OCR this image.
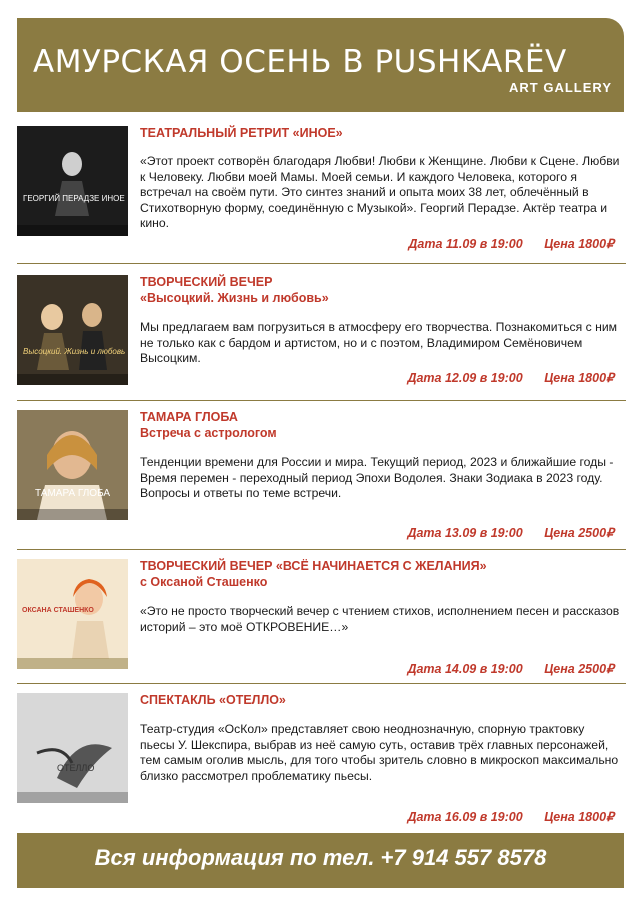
АМУРСКАЯ ОСЕНЬ В PUSHKARЁV
ART GALLERY
ГЕОРГИЙ ПЕРАДЗЕ ИНОЕ
ТЕАТРАЛЬНЫЙ РЕТРИТ «ИНОЕ»
«Этот проект сотворён благодаря Любви! Любви к Женщине. Любви к Сцене. Любви к Человеку. Любви моей Мамы. Моей семьи. И каждого Человека, которого я встречал на своём пути. Это синтез знаний и опыта моих 38 лет, облечённый в Стихотворную форму, соединённую с Музыкой». Георгий Перадзе. Актёр театра и кино.
Дата 11.09 в 19:00 Цена 1800₽
Высоцкий. Жизнь и любовь
ТВОРЧЕСКИЙ ВЕЧЕР
«Высоцкий. Жизнь и любовь»
Мы предлагаем вам погрузиться в атмосферу его творчества. Познакомиться с ним не только как с бардом и артистом, но и с поэтом, Владимиром Семёновичем Высоцким.
Дата 12.09 в 19:00 Цена 1800₽
ТАМАРА ГЛОБА
ТАМАРА ГЛОБА
Встреча с астрологом
Тенденции времени для России и мира. Текущий период, 2023 и ближайшие годы - Время перемен - переходный период Эпохи Водолея. Знаки Зодиака в 2023 году. Вопросы и ответы по теме встречи.
Дата 13.09 в 19:00 Цена 2500₽
ОКСАНА СТАШЕНКО
ТВОРЧЕСКИЙ ВЕЧЕР «ВСЁ НАЧИНАЕТСЯ С ЖЕЛАНИЯ»
с Оксаной Сташенко
«Это не просто творческий вечер с чтением стихов, исполнением песен и рассказов историй – это моё ОТКРОВЕНИЕ…»
Дата 14.09 в 19:00 Цена 2500₽
ОТЕЛЛО
СПЕКТАКЛЬ «ОТЕЛЛО»
Театр-студия «ОсКол» представляет свою неоднозначную, спорную трактовку пьесы У. Шекспира, выбрав из неё самую суть, оставив трёх главных персонажей, тем самым оголив мысль, для того чтобы зритель словно в микроскоп максимально близко рассмотрел проблематику пьесы.
Дата 16.09 в 19:00 Цена 1800₽
Вся информация по тел. +7 914 557 8578
